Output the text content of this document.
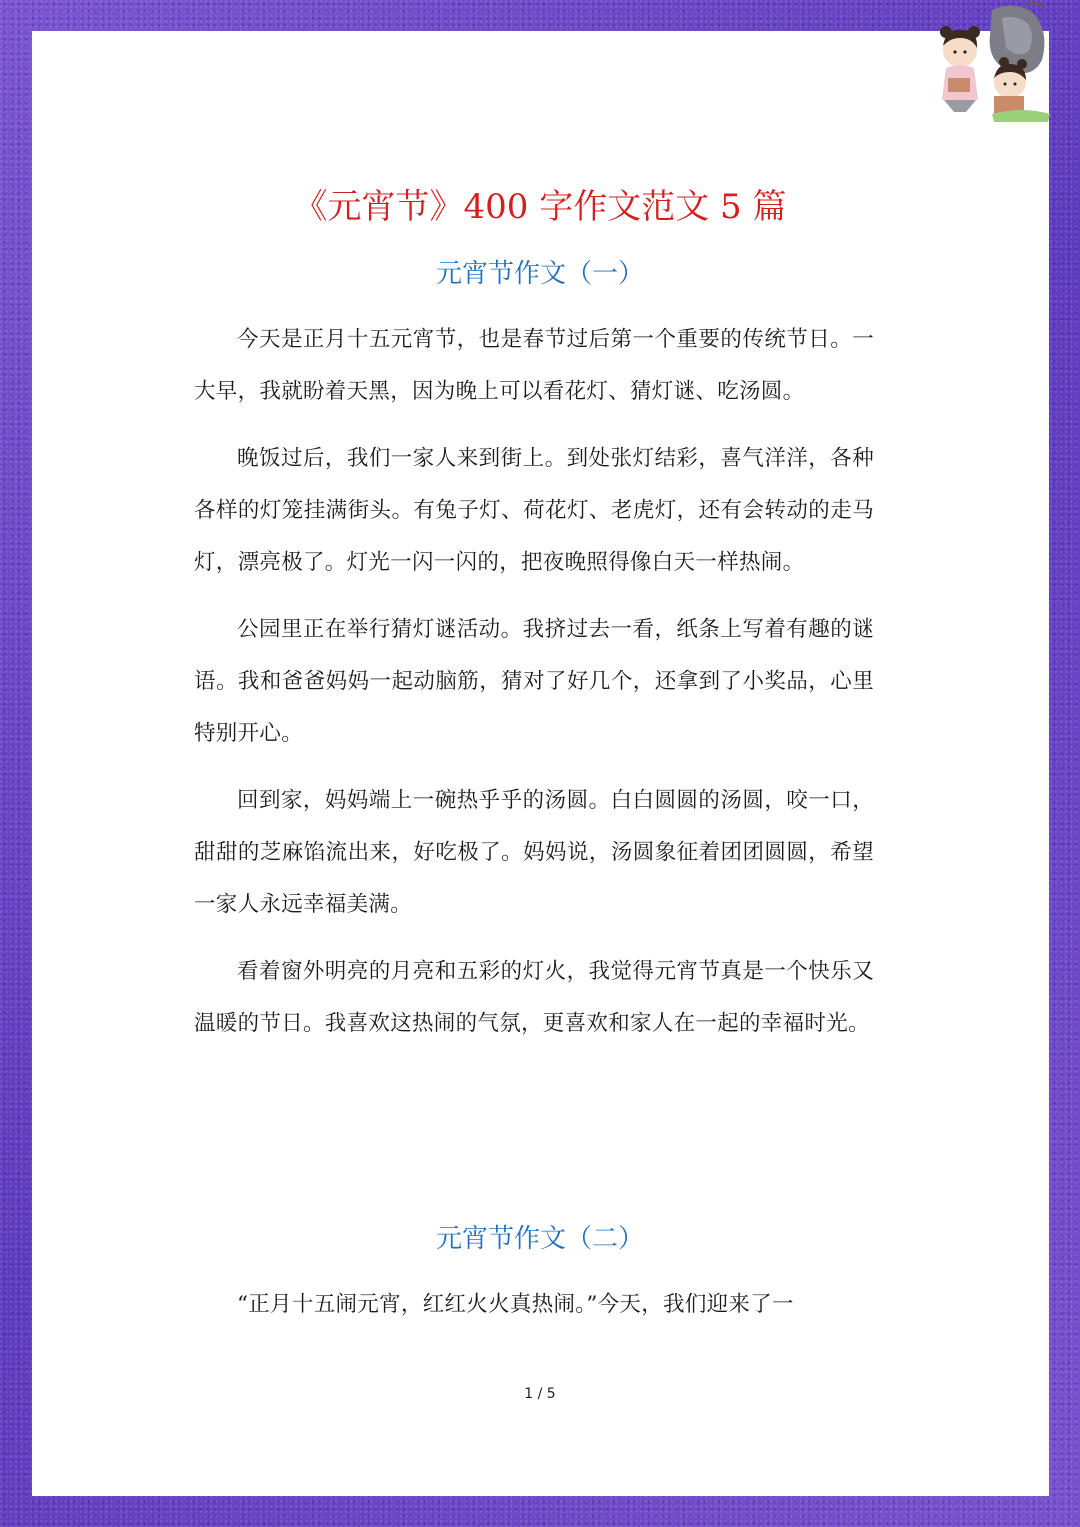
《元宵节》400 字作文范文 5 篇
元宵节作文（一）

今天是正月十五元宵节，也是春节过后第一个重要的传统节日。一大早，我就盼着天黑，因为晚上可以看花灯、猜灯谜、吃汤圆。

晚饭过后，我们一家人来到街上。到处张灯结彩，喜气洋洋，各种各样的灯笼挂满街头。有兔子灯、荷花灯、老虎灯，还有会转动的走马灯，漂亮极了。灯光一闪一闪的，把夜晚照得像白天一样热闹。

公园里正在举行猜灯谜活动。我挤过去一看，纸条上写着有趣的谜语。我和爸爸妈妈一起动脑筋，猜对了好几个，还拿到了小奖品，心里特别开心。

回到家，妈妈端上一碗热乎乎的汤圆。白白圆圆的汤圆，咬一口，甜甜的芝麻馅流出来，好吃极了。妈妈说，汤圆象征着团团圆圆，希望一家人永远幸福美满。

看着窗外明亮的月亮和五彩的灯火，我觉得元宵节真是一个快乐又温暖的节日。我喜欢这热闹的气氛，更喜欢和家人在一起的幸福时光。

元宵节作文（二）

“正月十五闹元宵，红红火火真热闹。”今天，我们迎来了一

1 / 5
